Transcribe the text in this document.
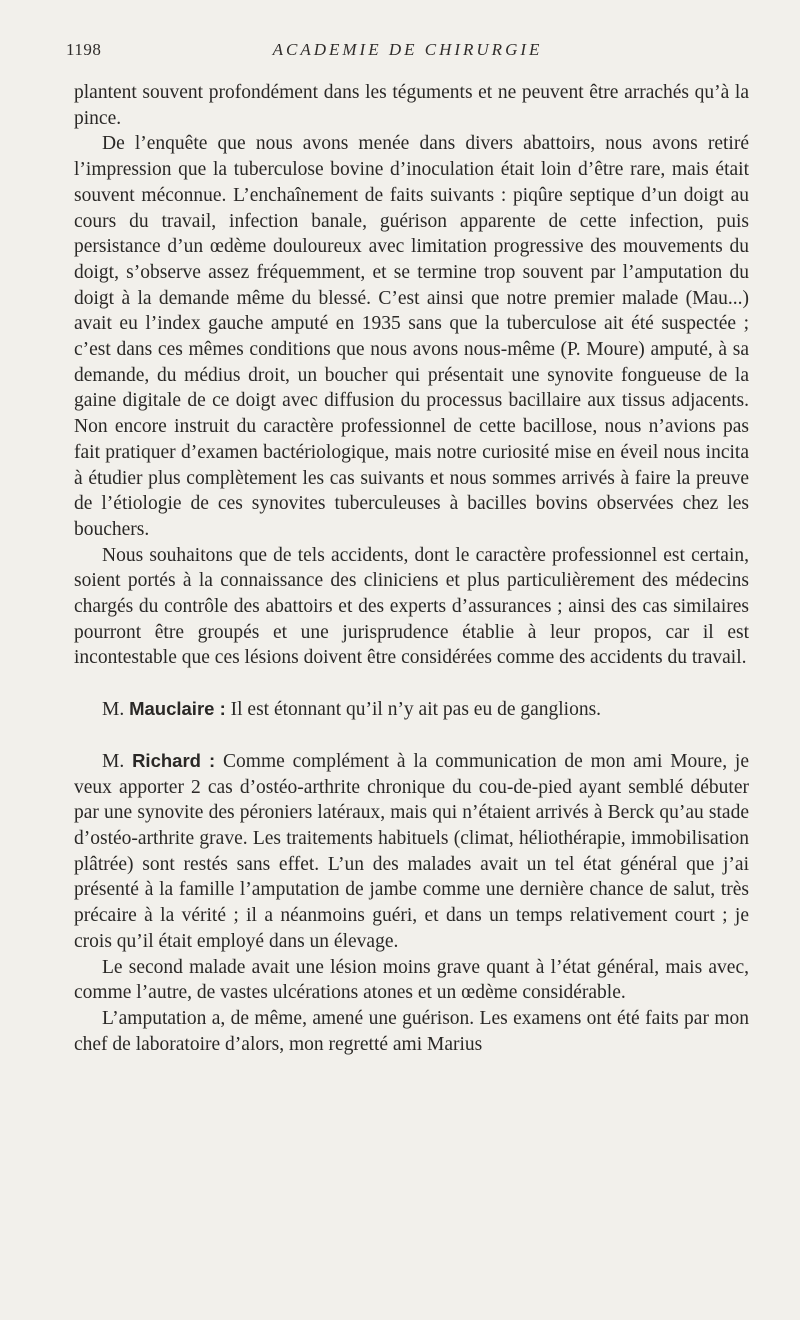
1198	ACADEMIE DE CHIRURGIE

plantent souvent profondément dans les téguments et ne peuvent être arrachés qu’à la pince.

De l’enquête que nous avons menée dans divers abattoirs, nous avons retiré l’impression que la tuberculose bovine d’inoculation était loin d’être rare, mais était souvent méconnue. L’enchaînement de faits suivants : piqûre septique d’un doigt au cours du travail, infection banale, guérison apparente de cette infection, puis persistance d’un œdème douloureux avec limitation progressive des mouvements du doigt, s’observe assez fréquemment, et se termine trop souvent par l’amputation du doigt à la demande même du blessé. C’est ainsi que notre premier malade (Mau...) avait eu l’index gauche amputé en 1935 sans que la tuberculose ait été suspectée ; c’est dans ces mêmes conditions que nous avons nous-même (P. Moure) amputé, à sa demande, du médius droit, un boucher qui présentait une synovite fongueuse de la gaine digitale de ce doigt avec diffusion du processus bacillaire aux tissus adjacents. Non encore instruit du caractère professionnel de cette bacillose, nous n’avions pas fait pratiquer d’examen bactériologique, mais notre curiosité mise en éveil nous incita à étudier plus complètement les cas suivants et nous sommes arrivés à faire la preuve de l’étiologie de ces synovites tuberculeuses à bacilles bovins observées chez les bouchers.

Nous souhaitons que de tels accidents, dont le caractère professionnel est certain, soient portés à la connaissance des cliniciens et plus particulièrement des médecins chargés du contrôle des abattoirs et des experts d’assurances ; ainsi des cas similaires pourront être groupés et une jurisprudence établie à leur propos, car il est incontestable que ces lésions doivent être considérées comme des accidents du travail.

M. Mauclaire : Il est étonnant qu’il n’y ait pas eu de ganglions.

M. Richard : Comme complément à la communication de mon ami Moure, je veux apporter 2 cas d’ostéo-arthrite chronique du cou-de-pied ayant semblé débuter par une synovite des péroniers latéraux, mais qui n’étaient arrivés à Berck qu’au stade d’ostéo-arthrite grave. Les traitements habituels (climat, héliothérapie, immobilisation plâtrée) sont restés sans effet. L’un des malades avait un tel état général que j’ai présenté à la famille l’amputation de jambe comme une dernière chance de salut, très précaire à la vérité ; il a néanmoins guéri, et dans un temps relativement court ; je crois qu’il était employé dans un élevage.

Le second malade avait une lésion moins grave quant à l’état général, mais avec, comme l’autre, de vastes ulcérations atones et un œdème considérable.

L’amputation a, de même, amené une guérison. Les examens ont été faits par mon chef de laboratoire d’alors, mon regretté ami Marius
